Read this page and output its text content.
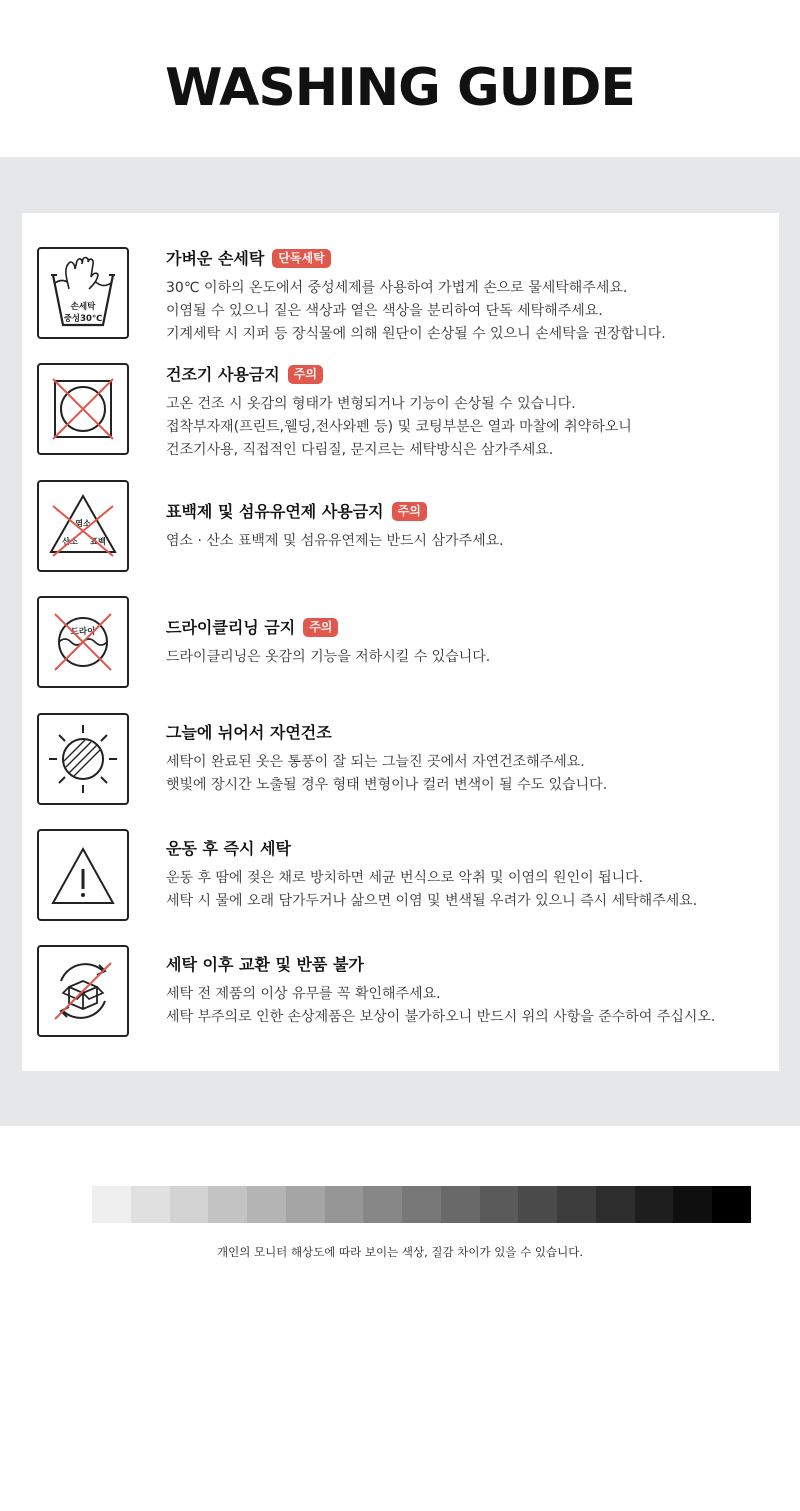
WASHING GUIDE
손세탁
중성30℃
가벼운 손세탁 단독세탁
30℃ 이하의 온도에서 중성세제를 사용하여 가볍게 손으로 물세탁해주세요.
이염될 수 있으니 짙은 색상과 옅은 색상을 분리하여 단독 세탁해주세요.
기계세탁 시 지퍼 등 장식물에 의해 원단이 손상될 수 있으니 손세탁을 권장합니다.
건조기 사용금지 주의
고온 건조 시 옷감의 형태가 변형되거나 기능이 손상될 수 있습니다.
접착부자재(프린트,웰딩,전사와펜 등) 및 코팅부분은 열과 마찰에 취약하오니
건조기사용, 직접적인 다림질, 문지르는 세탁방식은 삼가주세요.
염소
산소 표백
표백제 및 섬유유연제 사용금지 주의
염소 · 산소 표백제 및 섬유유연제는 반드시 삼가주세요.
드라이	드라이클리닝 금지 주의
드라이클리닝은 옷감의 기능을 저하시킬 수 있습니다.
그늘에 뉘어서 자연건조
세탁이 완료된 옷은 통풍이 잘 되는 그늘진 곳에서 자연건조해주세요.
햇빛에 장시간 노출될 경우 형태 변형이나 컬러 변색이 될 수도 있습니다.
운동 후 즉시 세탁
운동 후 땀에 젖은 채로 방치하면 세균 번식으로 악취 및 이염의 원인이 됩니다.
세탁 시 물에 오래 담가두거나 삶으면 이염 및 변색될 우려가 있으니 즉시 세탁해주세요.
세탁 이후 교환 및 반품 불가
세탁 전 제품의 이상 유무를 꼭 확인해주세요.
세탁 부주의로 인한 손상제품은 보상이 불가하오니 반드시 위의 사항을 준수하여 주십시오.
개인의 모니터 해상도에 따라 보이는 색상, 질감 차이가 있을 수 있습니다.
